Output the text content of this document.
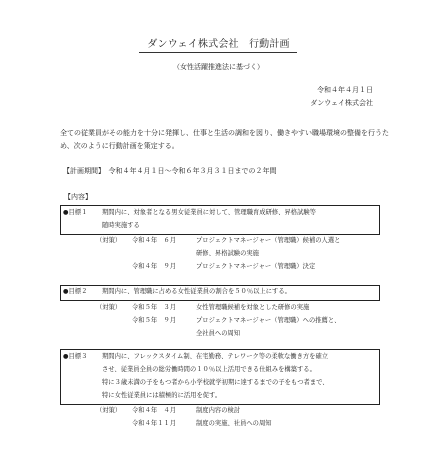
ダンウェイ株式会社　行動計画
（女性活躍推進法に基づく）
令和４年４月１日
ダンウェイ株式会社
全ての従業員がその能力を十分に発揮し、仕事と生活の調和を図り、働きやすい職場環境の整備を行うため、次のように行動計画を策定する。
【計画期間】　令和４年４月１日～令和６年３月３１日までの２年間
【内容】
●目標１ 期間内に、対象者となる男女従業員に対して、管理職育成研修、昇格試験等
随時実施する
（対策） 令和４年　６月	プロジェクトマネージャー（管理職）候補の人選と
研修、昇格試験の実施
令和４年　９月	プロジェクトマネージャー（管理職）決定
●目標２ 期間内に、管理職に占める女性従業員の割合を５０％以上にする。
（対策） 令和５年　３月	女性管理職候補を対象とした研修の実施
令和５年　９月	プロジェクトマネージャー（管理職）への推薦と、
全社員への周知
●目標３ 期間内に、フレックスタイム制、在宅勤務、テレワーク等の柔軟な働き方を確立
させ、従業員全員の総労働時間の１０％以上活用できる仕組みを構築する。
特に３歳未満の子をもつ者から小学校就学初期に達するまでの子をもつ者まで、
特に女性従業員には積極的に活用を促す。
（対策） 令和４年　４月	制度内容の検討
令和４年１１月	制度の実施、社員への周知
